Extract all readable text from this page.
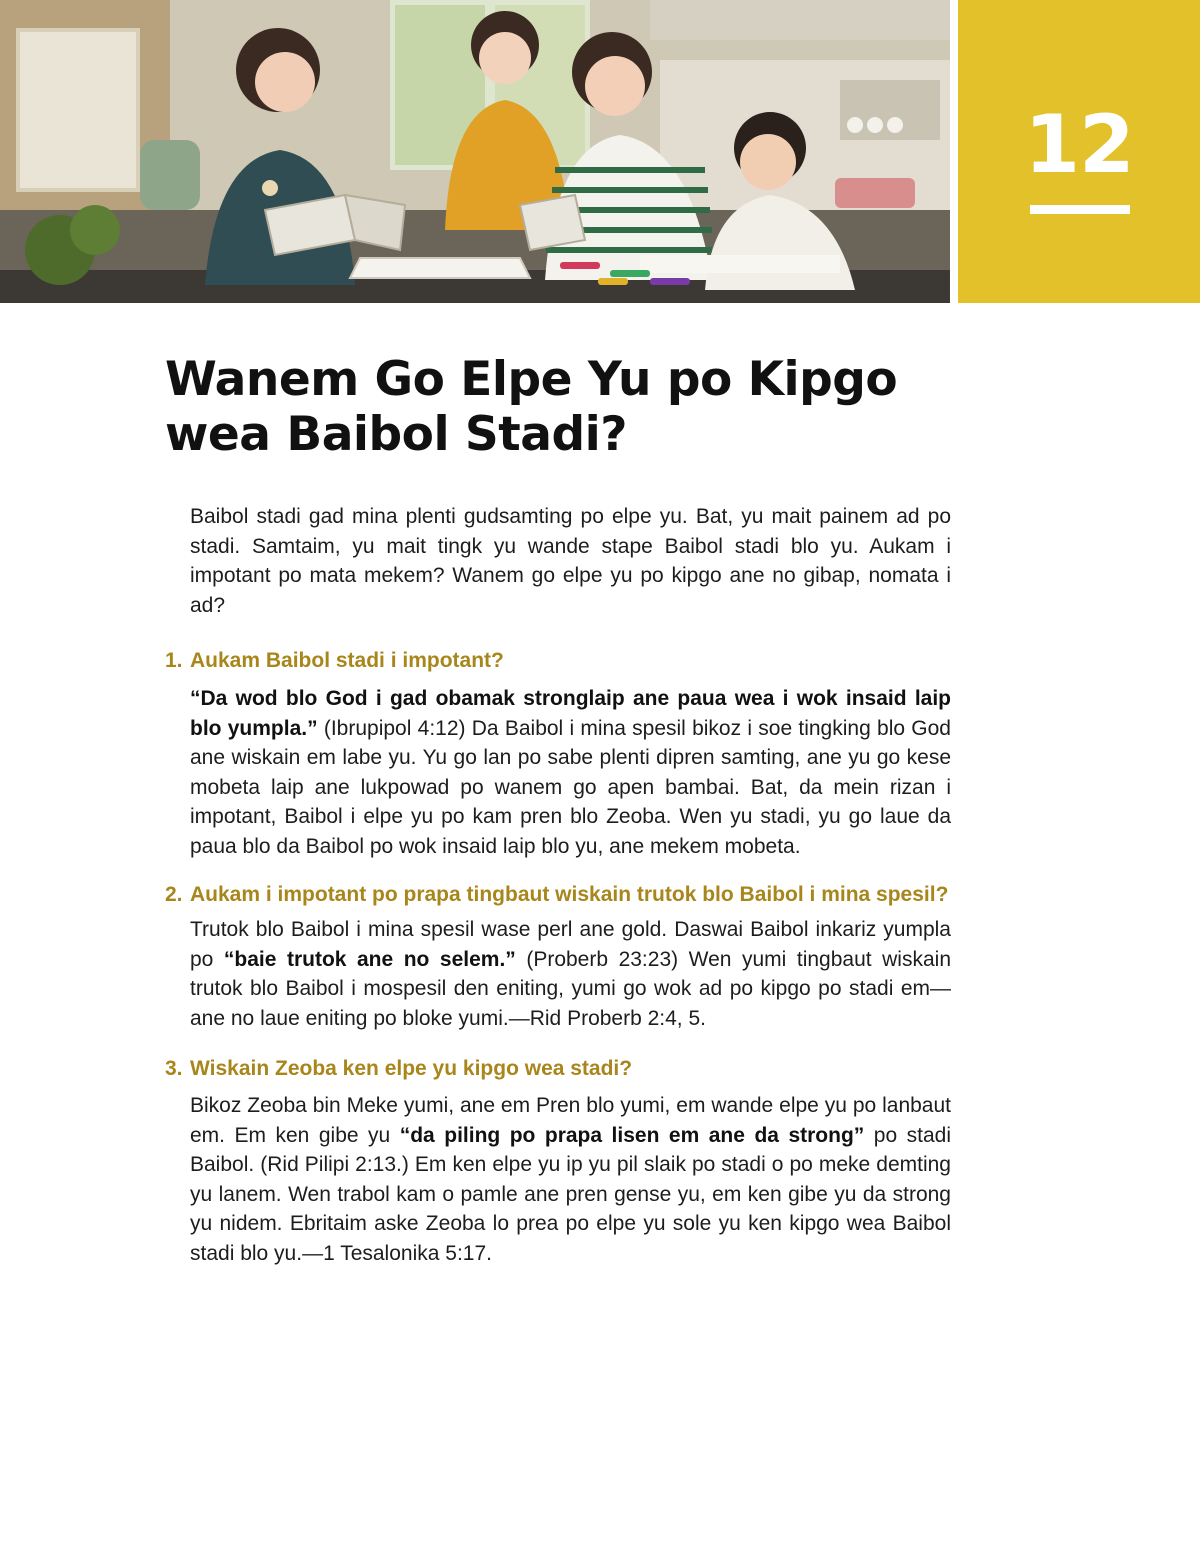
12
Wanem Go Elpe Yu po Kipgo
wea Baibol Stadi?

Baibol stadi gad mina plenti gudsamting po elpe yu. Bat, yu mait painem ad po stadi. Samtaim, yu mait tingk yu wande stape Baibol stadi blo yu. Aukam i impotant po mata mekem? Wanem go elpe yu po kipgo ane no gibap, nomata i ad?

1. Aukam Baibol stadi i impotant?

“Da wod blo God i gad obamak stronglaip ane paua wea i wok insaid laip blo yumpla.” (Ibrupipol 4:12) Da Baibol i mina spesil bikoz i soe tingking blo God ane wiskain em labe yu. Yu go lan po sabe plenti dipren samting, ane yu go kese mobeta laip ane lukpowad po wanem go apen bambai. Bat, da mein rizan i impotant, Baibol i elpe yu po kam pren blo Zeoba. Wen yu stadi, yu go laue da paua blo da Baibol po wok insaid laip blo yu, ane mekem mobeta.

2. Aukam i impotant po prapa tingbaut wiskain trutok blo Baibol i mina spesil?

Trutok blo Baibol i mina spesil wase perl ane gold. Daswai Baibol inkariz yumpla po “baie trutok ane no selem.” (Proberb 23:23) Wen yumi tingbaut wiskain trutok blo Baibol i mospesil den eniting, yumi go wok ad po kipgo po stadi em—ane no laue eniting po bloke yumi.—Rid Proberb 2:4, 5.

3. Wiskain Zeoba ken elpe yu kipgo wea stadi?

Bikoz Zeoba bin Meke yumi, ane em Pren blo yumi, em wande elpe yu po lanbaut em. Em ken gibe yu “da piling po prapa lisen em ane da strong” po stadi Baibol. (Rid Pilipi 2:13.) Em ken elpe yu ip yu pil slaik po stadi o po meke demting yu lanem. Wen trabol kam o pamle ane pren gense yu, em ken gibe yu da strong yu nidem. Ebritaim aske Zeoba lo prea po elpe yu sole yu ken kipgo wea Baibol stadi blo yu.—1 Tesalonika 5:17.
